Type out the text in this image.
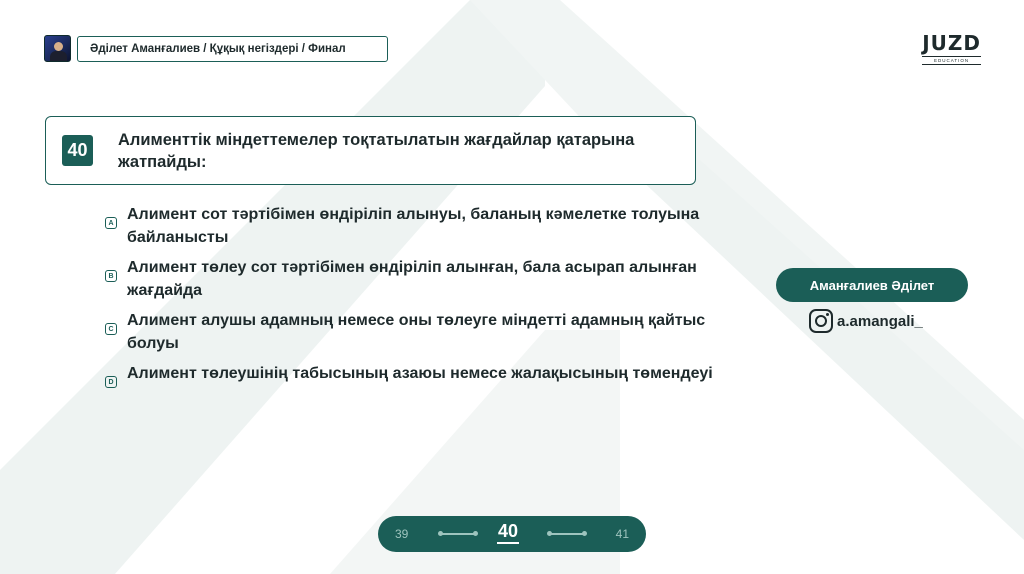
Әділет Аманғалиев / Құқық негіздері / Финал	JUZD
EDUCATION
40
Алименттік міндеттемелер тоқтатылатын жағдайлар қатарына жатпайды:
A Алимент сот тәртібімен өндіріліп алынуы, баланың кәмелетке толуына байланысты
B Алимент төлеу сот тәртібімен өндіріліп алынған, бала асырап алынған жағдайда
C Алимент алушы адамның немесе оны төлеуге міндетті адамның қайтыс болуы
D Алимент төлеушінің табысының азаюы немесе жалақысының төмендеуі
Аманғалиев Әділет
a.amangali_
39	40	41
